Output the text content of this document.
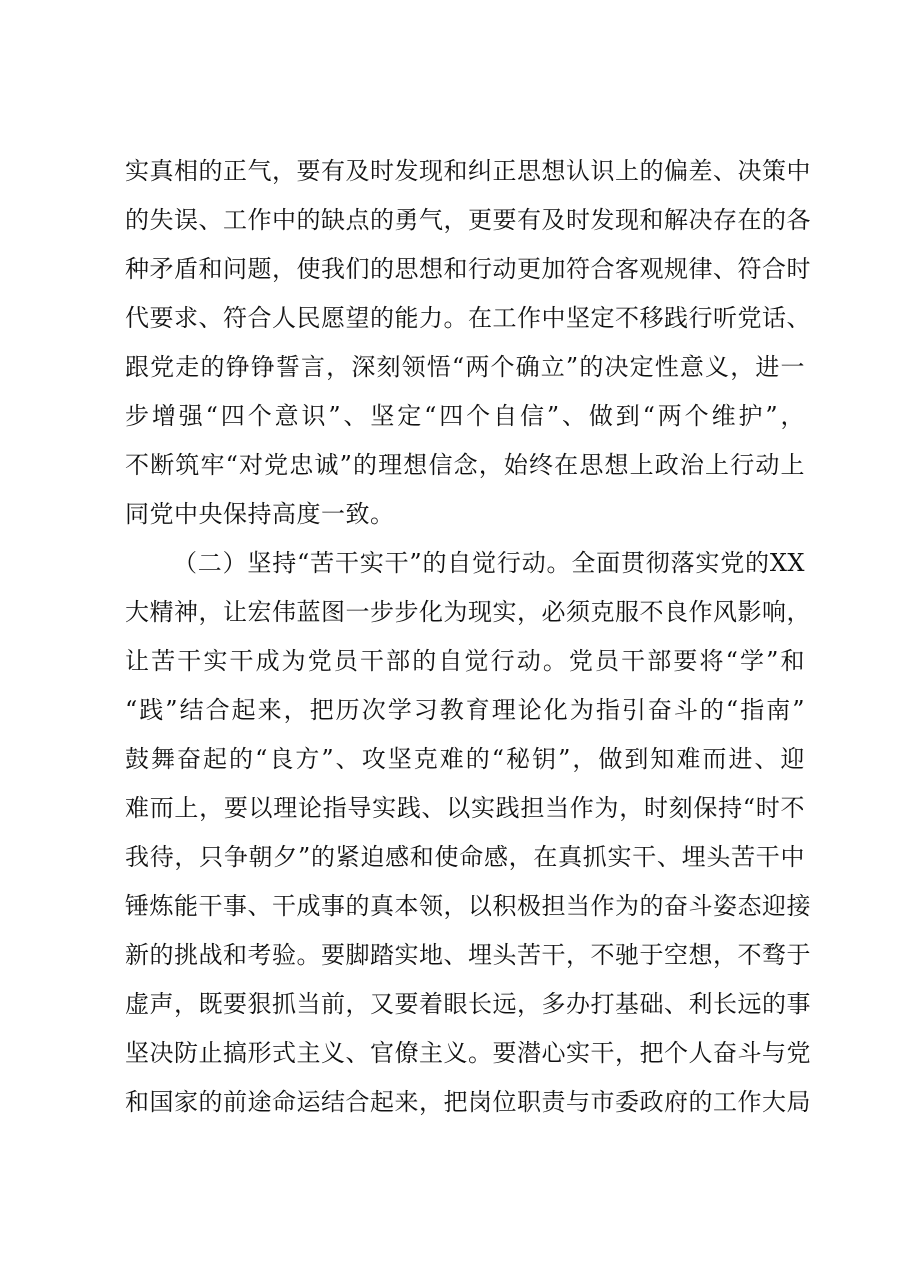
实真相的正气，要有及时发现和纠正思想认识上的偏差、决策中
的失误、工作中的缺点的勇气，更要有及时发现和解决存在的各
种矛盾和问题，使我们的思想和行动更加符合客观规律、符合时
代要求、符合人民愿望的能力。在工作中坚定不移践行听党话、
跟党走的铮铮誓言，深刻领悟“两个确立”的决定性意义，进一
步增强“四个意识”、坚定“四个自信”、做到“两个维护”，
不断筑牢“对党忠诚”的理想信念，始终在思想上政治上行动上
同党中央保持高度一致。
（二）坚持“苦干实干”的自觉行动。全面贯彻落实党的XX
大精神，让宏伟蓝图一步步化为现实，必须克服不良作风影响，
让苦干实干成为党员干部的自觉行动。党员干部要将“学”和
“践”结合起来，把历次学习教育理论化为指引奋斗的“指南”
鼓舞奋起的“良方”、攻坚克难的“秘钥”，做到知难而进、迎
难而上，要以理论指导实践、以实践担当作为，时刻保持“时不
我待，只争朝夕”的紧迫感和使命感，在真抓实干、埋头苦干中
锤炼能干事、干成事的真本领，以积极担当作为的奋斗姿态迎接
新的挑战和考验。要脚踏实地、埋头苦干，不驰于空想，不骛于
虚声，既要狠抓当前，又要着眼长远，多办打基础、利长远的事
坚决防止搞形式主义、官僚主义。要潜心实干，把个人奋斗与党
和国家的前途命运结合起来，把岗位职责与市委政府的工作大局
